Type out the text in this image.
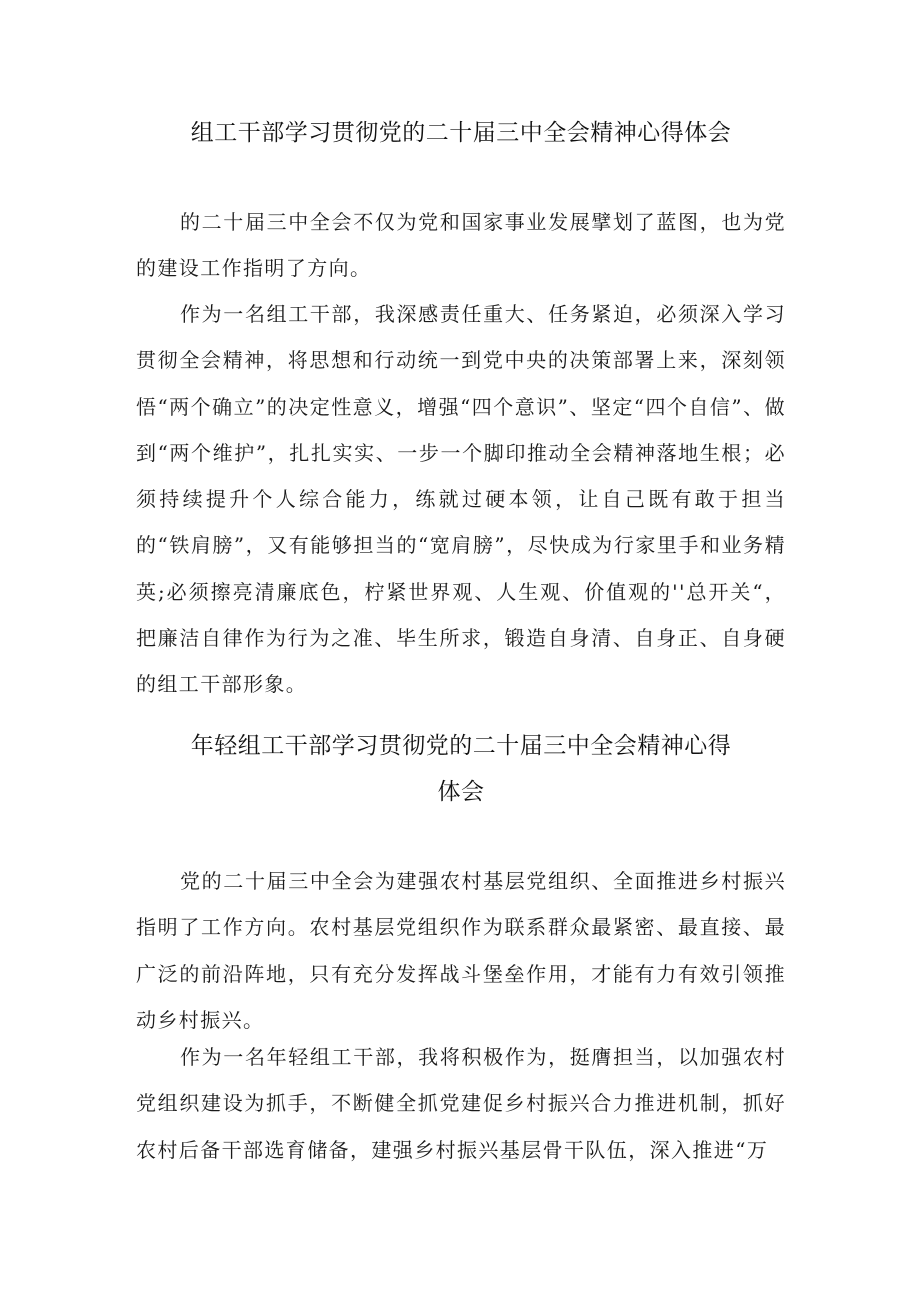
组工干部学习贯彻党的二十届三中全会精神心得体会

的二十届三中全会不仅为党和国家事业发展擘划了蓝图，也为党的建设工作指明了方向。

作为一名组工干部，我深感责任重大、任务紧迫，必须深入学习贯彻全会精神，将思想和行动统一到党中央的决策部署上来，深刻领悟“两个确立”的决定性意义，增强“四个意识”、坚定“四个自信”、做到“两个维护”，扎扎实实、一步一个脚印推动全会精神落地生根；必须持续提升个人综合能力，练就过硬本领，让自己既有敢于担当的“铁肩膀”，又有能够担当的“宽肩膀”，尽快成为行家里手和业务精英;必须擦亮清廉底色，柠紧世界观、人生观、价值观的''总开关“，把廉洁自律作为行为之准、毕生所求，锻造自身清、自身正、自身硬的组工干部形象。

年轻组工干部学习贯彻党的二十届三中全会精神心得
体会

党的二十届三中全会为建强农村基层党组织、全面推进乡村振兴指明了工作方向。农村基层党组织作为联系群众最紧密、最直接、最广泛的前沿阵地，只有充分发挥战斗堡垒作用，才能有力有效引领推动乡村振兴。

作为一名年轻组工干部，我将积极作为，挺膺担当，以加强农村党组织建设为抓手，不断健全抓党建促乡村振兴合力推进机制，抓好农村后备干部选育储备，建强乡村振兴基层骨干队伍，深入推进“万
